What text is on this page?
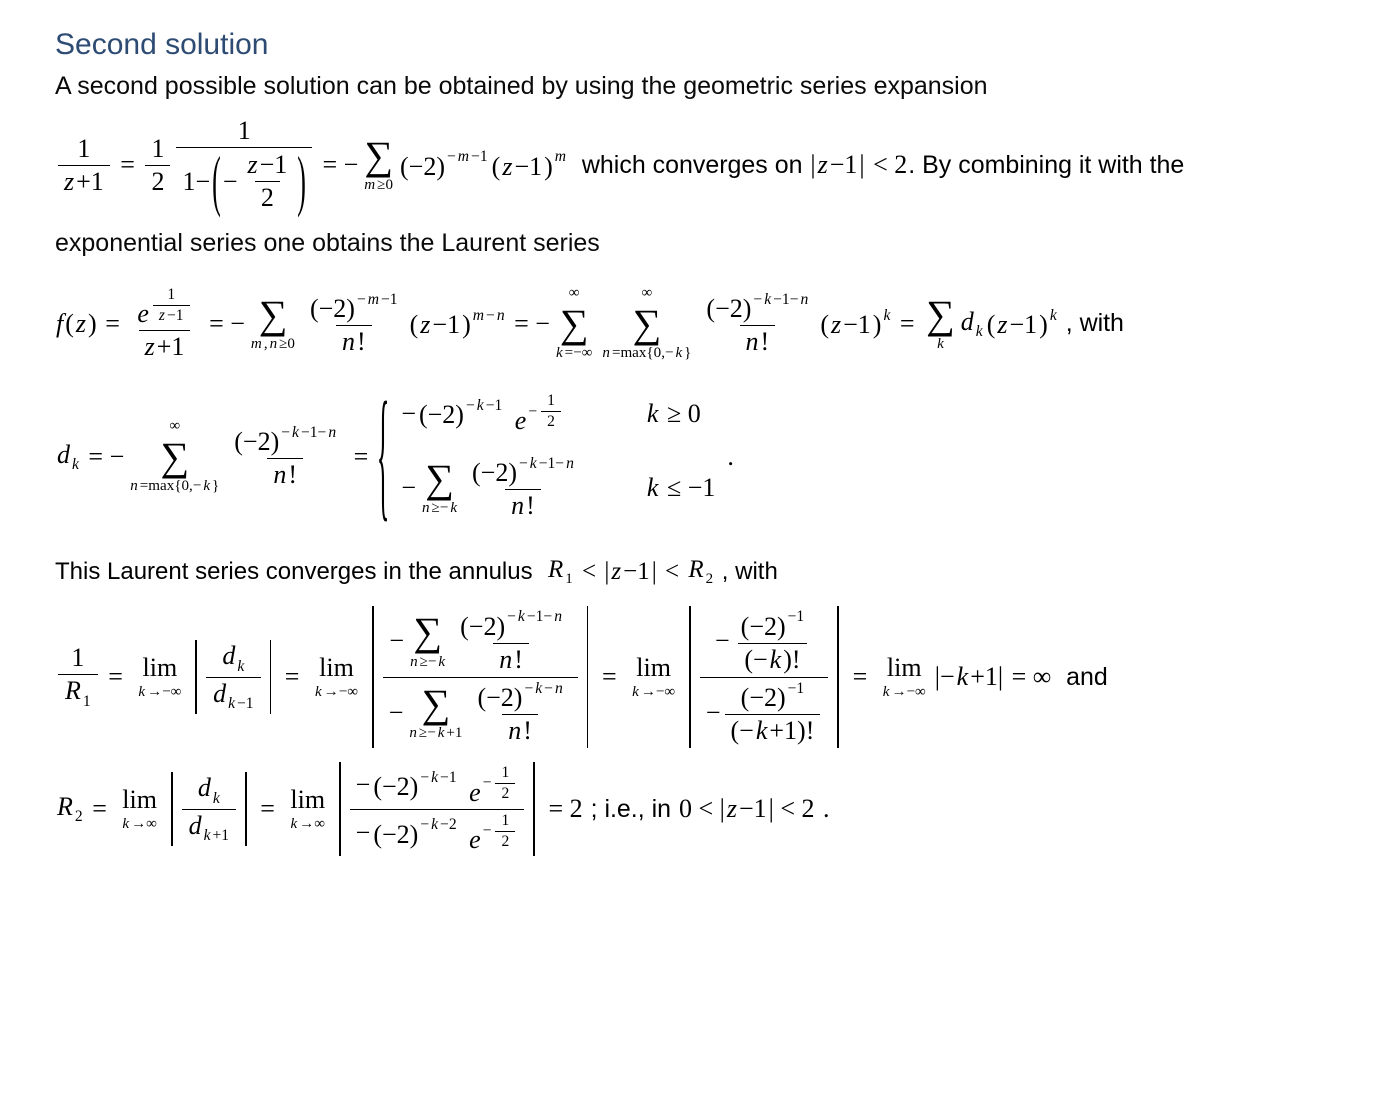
Second solution

A second possible solution can be obtained by using the geometric series expansion

$\frac{1}{z +1} = \frac{1}{2} \frac{1}{1- ( - \frac{z -1}{2} )}$ = − ∑
m ≥0
(−2) − m −1 ( z −1 ) m which converges on | z −1 | < 2 . By combining it with the

exponential series one obtains the Laurent series

f ( z ) = $\frac{e \frac{1}{z -1}}{z +1}$ = − ∑
m , $n \ge 0 \frac{(-2) - m -1}{n !}$ ( z −1 ) m − n = −
∞
∑
k =−∞
∞
∑
n =max{0,− k } $\frac{(-2) - k -1- n}{n !}$ ( z −1 ) k = ∑
k
d k ( z −1 ) k , with
d k = −
∞
∑
n =max{0,− k } $\frac{(-2) - k -1- n}{n !}$ = { − (−2) − k −1

$e - \frac{1}{2}$	k ≥ 0
− ∑
n ≥− k $\frac{(-2) - k -1- n}{n !}$	k ≤ −1
.
This Laurent series converges in the annulus R 1 < | z −1 | < R 2 , with
$\frac{1}{R 1} = \lim$
k →−∞ $\frac{\text{d k}}{\text{d k −1}} = \lim$
k →−∞ − ∑
n ≥− k $\frac{(-2) - k -1- n}{n !}$
− ∑
$n \ge- k +1 \frac{(-2) - k - n}{n !} = \lim$
k →−∞ $\frac{- \frac{(-2) -1}{(- k )!}}{- \frac{(-2) -1}{(- k +1)!}} = \lim$
k →−∞
|− k +1| = ∞ and
R 2 = lim
k →∞ $\frac{\text{d k}}{\text{d k +1}} = \lim$
k →∞ − (−2) − k −1

$e - \frac{1}{2}$
− (−2) − k −2

$e - \frac{1}{2} = 2$ ; i.e., in 0 < | z −1 | < 2 .
